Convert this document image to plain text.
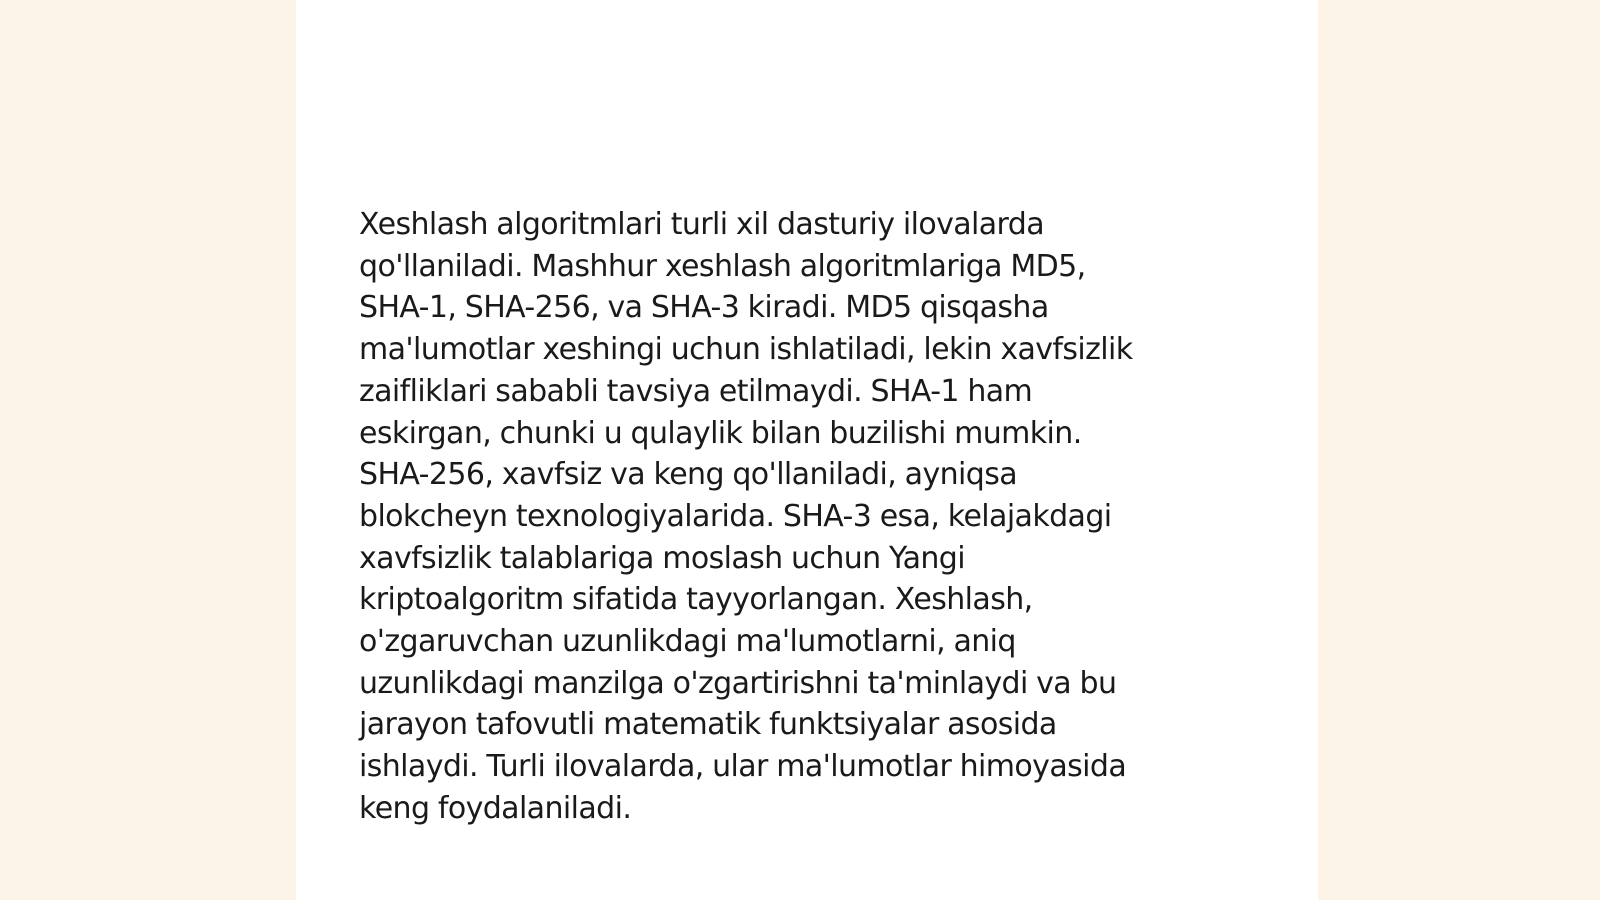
Xeshlash algoritmlari turli xil dasturiy ilovalarda
qo'llaniladi. Mashhur xeshlash algoritmlariga MD5,
SHA-1, SHA-256, va SHA-3 kiradi. MD5 qisqasha
ma'lumotlar xeshingi uchun ishlatiladi, lekin xavfsizlik
zaifliklari sababli tavsiya etilmaydi. SHA-1 ham
eskirgan, chunki u qulaylik bilan buzilishi mumkin.
SHA-256, xavfsiz va keng qo'llaniladi, ayniqsa
blokcheyn texnologiyalarida. SHA-3 esa, kelajakdagi
xavfsizlik talablariga moslash uchun Yangi
kriptoalgoritm sifatida tayyorlangan. Xeshlash,
o'zgaruvchan uzunlikdagi ma'lumotlarni, aniq
uzunlikdagi manzilga o'zgartirishni ta'minlaydi va bu
jarayon tafovutli matematik funktsiyalar asosida
ishlaydi. Turli ilovalarda, ular ma'lumotlar himoyasida
keng foydalaniladi.
